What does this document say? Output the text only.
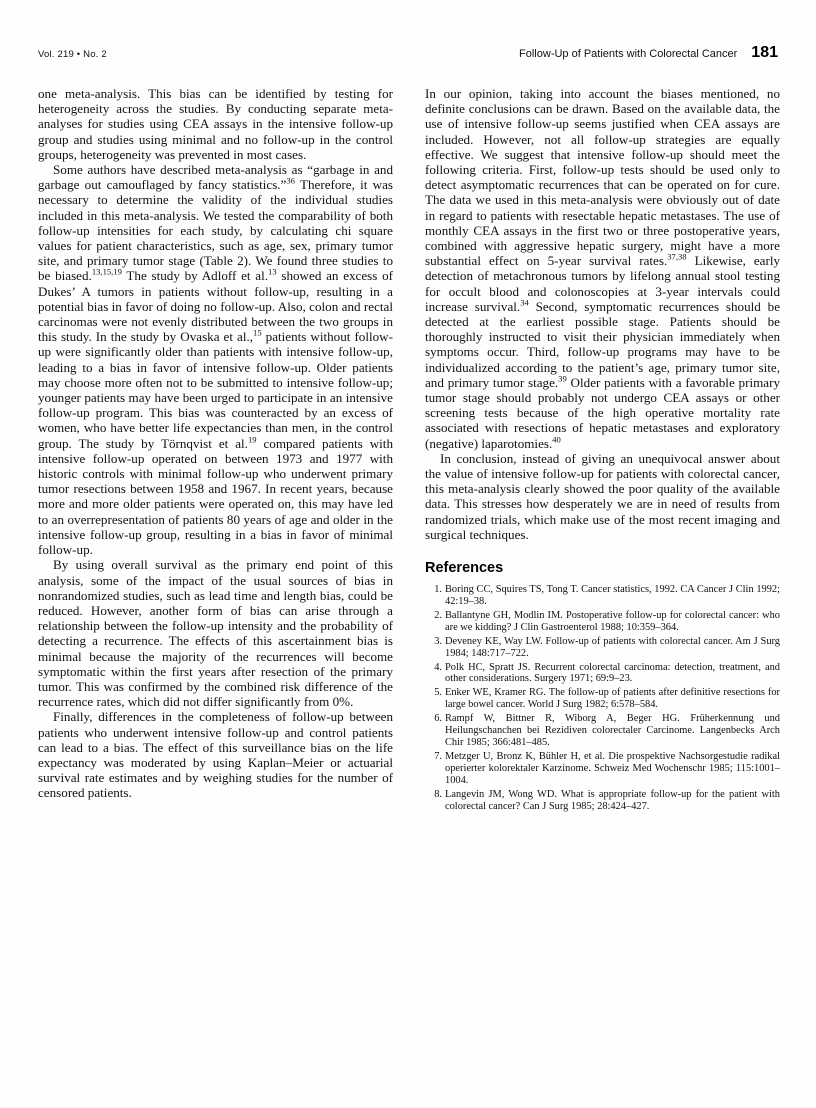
Vol. 219 • No. 2	Follow-Up of Patients with Colorectal Cancer 181

one meta-analysis. This bias can be identified by testing for heterogeneity across the studies. By conducting separate meta-analyses for studies using CEA assays in the intensive follow-up group and studies using minimal and no follow-up in the control groups, heterogeneity was prevented in most cases.

Some authors have described meta-analysis as “garbage in and garbage out camouflaged by fancy statistics.”$^{36}$ Therefore, it was necessary to determine the validity of the individual studies included in this meta-analysis. We tested the comparability of both follow-up intensities for each study, by calculating chi square values for patient characteristics, such as age, sex, primary tumor site, and primary tumor stage (Table 2). We found three studies to be biased.$^{13,15,19}$ The study by Adloff et al.$^{13}$ showed an excess of Dukes’ A tumors in patients without follow-up, resulting in a potential bias in favor of doing no follow-up. Also, colon and rectal carcinomas were not evenly distributed between the two groups in this study. In the study by Ovaska et al.,$^{15}$ patients without follow-up were significantly older than patients with intensive follow-up, leading to a bias in favor of intensive follow-up. Older patients may choose more often not to be submitted to intensive follow-up; younger patients may have been urged to participate in an intensive follow-up program. This bias was counteracted by an excess of women, who have better life expectancies than men, in the control group. The study by Törnqvist et al.$^{19}$ compared patients with intensive follow-up operated on between 1973 and 1977 with historic controls with minimal follow-up who underwent primary tumor resections between 1958 and 1967. In recent years, because more and more older patients were operated on, this may have led to an overrepresentation of patients 80 years of age and older in the intensive follow-up group, resulting in a bias in favor of minimal follow-up.

By using overall survival as the primary end point of this analysis, some of the impact of the usual sources of bias in nonrandomized studies, such as lead time and length bias, could be reduced. However, another form of bias can arise through a relationship between the follow-up intensity and the probability of detecting a recurrence. The effects of this ascertainment bias is minimal because the majority of the recurrences will become symptomatic within the first years after resection of the primary tumor. This was confirmed by the combined risk difference of the recurrence rates, which did not differ significantly from 0%.

Finally, differences in the completeness of follow-up between patients who underwent intensive follow-up and control patients can lead to a bias. The effect of this surveillance bias on the life expectancy was moderated by using Kaplan–Meier or actuarial survival rate estimates and by weighing studies for the number of censored patients.

In our opinion, taking into account the biases mentioned, no definite conclusions can be drawn. Based on the available data, the use of intensive follow-up seems justified when CEA assays are included. However, not all follow-up strategies are equally effective. We suggest that intensive follow-up should meet the following criteria. First, follow-up tests should be used only to detect asymptomatic recurrences that can be operated on for cure. The data we used in this meta-analysis were obviously out of date in regard to patients with resectable hepatic metastases. The use of monthly CEA assays in the first two or three postoperative years, combined with aggressive hepatic surgery, might have a more substantial effect on 5-year survival rates.$^{37,38}$ Likewise, early detection of metachronous tumors by lifelong annual stool testing for occult blood and colonoscopies at 3-year intervals could increase survival.$^{34}$ Second, symptomatic recurrences should be detected at the earliest possible stage. Patients should be thoroughly instructed to visit their physician immediately when symptoms occur. Third, follow-up programs may have to be individualized according to the patient’s age, primary tumor site, and primary tumor stage.$^{39}$ Older patients with a favorable primary tumor stage should probably not undergo CEA assays or other screening tests because of the high operative mortality rate associated with resections of hepatic metastases and exploratory (negative) laparotomies.$^{40}$

In conclusion, instead of giving an unequivocal answer about the value of intensive follow-up for patients with colorectal cancer, this meta-analysis clearly showed the poor quality of the available data. This stresses how desperately we are in need of results from randomized trials, which make use of the most recent imaging and surgical techniques.

References
Boring CC, Squires TS, Tong T. Cancer statistics, 1992. CA Cancer J Clin 1992; 42:19–38.
Ballantyne GH, Modlin IM. Postoperative follow-up for colorectal cancer: who are we kidding? J Clin Gastroenterol 1988; 10:359–364.
Deveney KE, Way LW. Follow-up of patients with colorectal cancer. Am J Surg 1984; 148:717–722.
Polk HC, Spratt JS. Recurrent colorectal carcinoma: detection, treatment, and other considerations. Surgery 1971; 69:9–23.
Enker WE, Kramer RG. The follow-up of patients after definitive resections for large bowel cancer. World J Surg 1982; 6:578–584.
Rampf W, Bittner R, Wiborg A, Beger HG. Früherkennung und Heilungschanchen bei Rezidiven colorectaler Carcinome. Langenbecks Arch Chir 1985; 366:481–485.
Metzger U, Bronz K, Bühler H, et al. Die prospektive Nachsorgestudie radikal operierter kolorektaler Karzinome. Schweiz Med Wochenschr 1985; 115:1001–1004.
Langevin JM, Wong WD. What is appropriate follow-up for the patient with colorectal cancer? Can J Surg 1985; 28:424–427.
